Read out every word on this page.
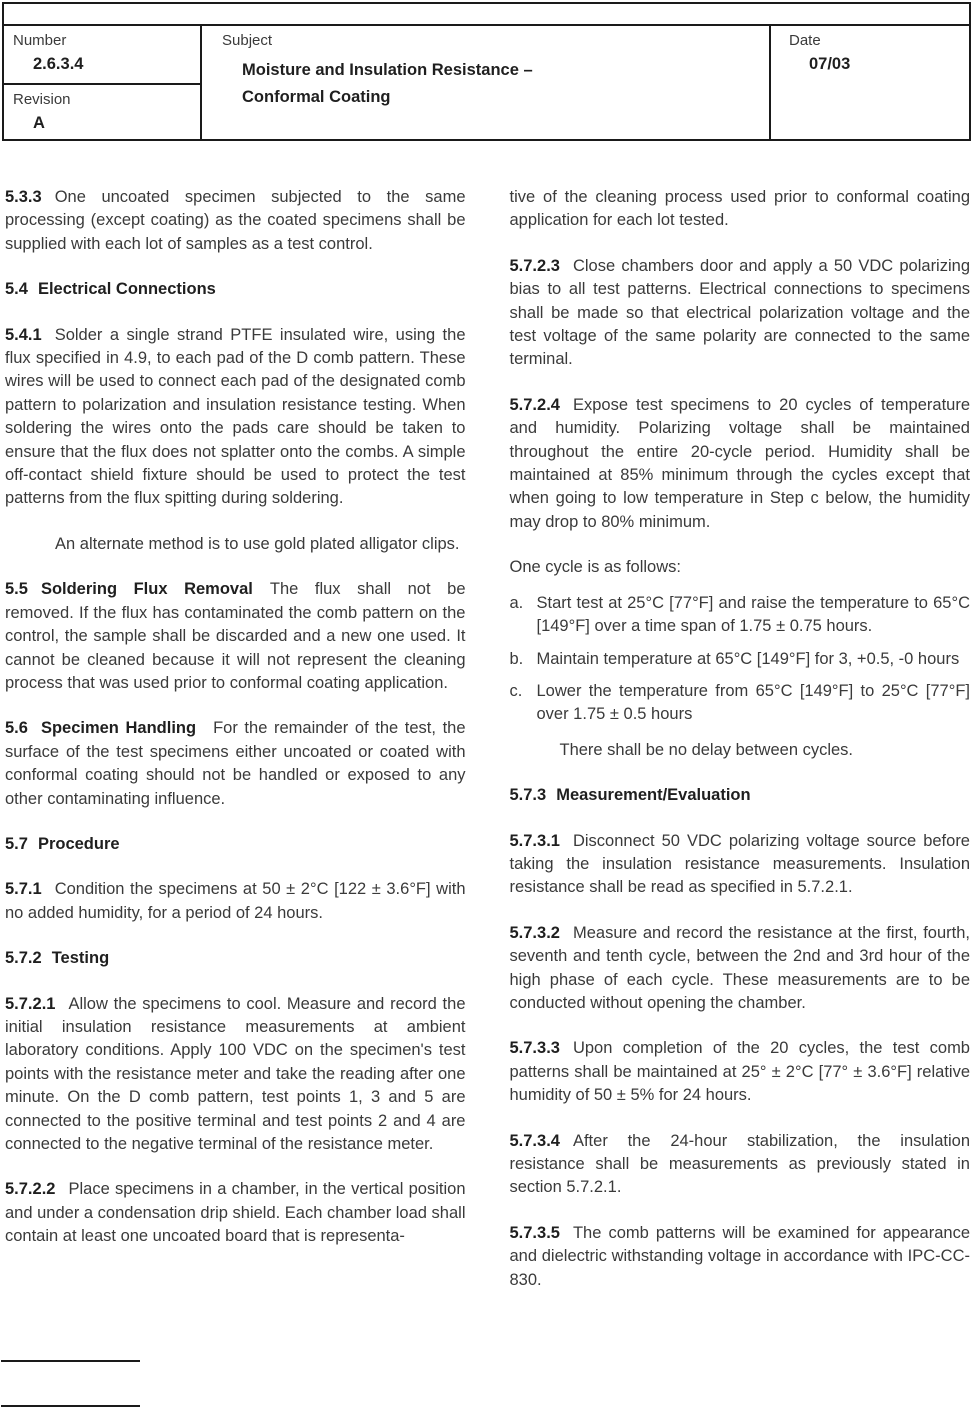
Number
2.6.3.4
Revision
A
Subject
Moisture and Insulation Resistance –
Conformal Coating
Date
07/03

5.3.3 One uncoated specimen subjected to the same processing (except coating) as the coated specimens shall be supplied with each lot of samples as a test control.

5.4 Electrical Connections

5.4.1 Solder a single strand PTFE insulated wire, using the flux specified in 4.9, to each pad of the D comb pattern. These wires will be used to connect each pad of the designated comb pattern to polarization and insulation resistance testing. When soldering the wires onto the pads care should be taken to ensure that the flux does not splatter onto the combs. A simple off-contact shield fixture should be used to protect the test patterns from the flux spitting during soldering.

An alternate method is to use gold plated alligator clips.

5.5 Soldering Flux Removal The flux shall not be removed. If the flux has contaminated the comb pattern on the control, the sample shall be discarded and a new one used. It cannot be cleaned because it will not represent the cleaning process that was used prior to conformal coating application.

5.6 Specimen Handling For the remainder of the test, the surface of the test specimens either uncoated or coated with conformal coating should not be handled or exposed to any other contaminating influence.

5.7 Procedure

5.7.1 Condition the specimens at 50 ± 2°C [122 ± 3.6°F] with no added humidity, for a period of 24 hours.

5.7.2 Testing

5.7.2.1 Allow the specimens to cool. Measure and record the initial insulation resistance measurements at ambient laboratory conditions. Apply 100 VDC on the specimen's test points with the resistance meter and take the reading after one minute. On the D comb pattern, test points 1, 3 and 5 are connected to the positive terminal and test points 2 and 4 are connected to the negative terminal of the resistance meter.

5.7.2.2 Place specimens in a chamber, in the vertical position and under a condensation drip shield. Each chamber load shall contain at least one uncoated board that is representa-

tive of the cleaning process used prior to conformal coating application for each lot tested.

5.7.2.3 Close chambers door and apply a 50 VDC polarizing bias to all test patterns. Electrical connections to specimens shall be made so that electrical polarization voltage and the test voltage of the same polarity are connected to the same terminal.

5.7.2.4 Expose test specimens to 20 cycles of temperature and humidity. Polarizing voltage shall be maintained throughout the entire 20-cycle period. Humidity shall be maintained at 85% minimum through the cycles except that when going to low temperature in Step c below, the humidity may drop to 80% minimum.

One cycle is as follows:

a. Start test at 25°C [77°F] and raise the temperature to 65°C [149°F] over a time span of 1.75 ± 0.75 hours.

b. Maintain temperature at 65°C [149°F] for 3, +0.5, -0 hours

c. Lower the temperature from 65°C [149°F] to 25°C [77°F] over 1.75 ± 0.5 hours

There shall be no delay between cycles.

5.7.3 Measurement/Evaluation

5.7.3.1 Disconnect 50 VDC polarizing voltage source before taking the insulation resistance measurements. Insulation resistance shall be read as specified in 5.7.2.1.

5.7.3.2 Measure and record the resistance at the first, fourth, seventh and tenth cycle, between the 2nd and 3rd hour of the high phase of each cycle. These measurements are to be conducted without opening the chamber.

5.7.3.3 Upon completion of the 20 cycles, the test comb patterns shall be maintained at 25° ± 2°C [77° ± 3.6°F] relative humidity of 50 ± 5% for 24 hours.

5.7.3.4 After the 24-hour stabilization, the insulation resistance shall be measurements as previously stated in section 5.7.2.1.

5.7.3.5 The comb patterns will be examined for appearance and dielectric withstanding voltage in accordance with IPC-CC-830.
